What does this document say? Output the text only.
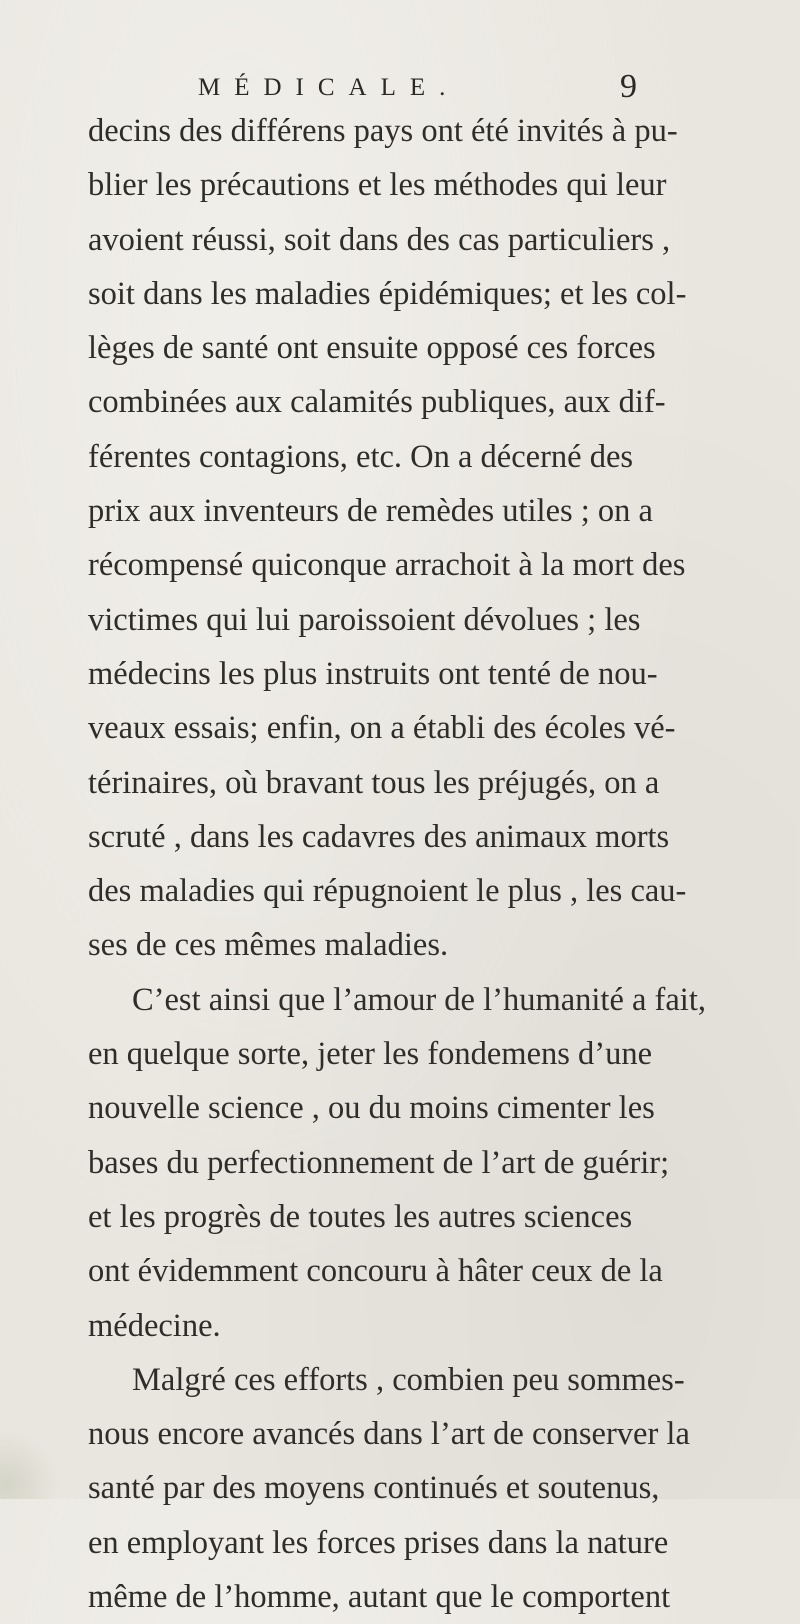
MÉDICALE.	9
decins des différens pays ont été invités à pu-
blier les précautions et les méthodes qui leur
avoient réussi, soit dans des cas particuliers ,
soit dans les maladies épidémiques; et les col-
lèges de santé ont ensuite opposé ces forces
combinées aux calamités publiques, aux dif-
férentes contagions, etc. On a décerné des
prix aux inventeurs de remèdes utiles ; on a
récompensé quiconque arrachoit à la mort des
victimes qui lui paroissoient dévolues ; les
médecins les plus instruits ont tenté de nou-
veaux essais; enfin, on a établi des écoles vé-
térinaires, où bravant tous les préjugés, on a
scruté , dans les cadavres des animaux morts
des maladies qui répugnoient le plus , les cau-
ses de ces mêmes maladies.
C’est ainsi que l’amour de l’humanité a fait,
en quelque sorte, jeter les fondemens d’une
nouvelle science , ou du moins cimenter les
bases du perfectionnement de l’art de guérir;
et les progrès de toutes les autres sciences
ont évidemment concouru à hâter ceux de la
médecine.
Malgré ces efforts , combien peu sommes-
nous encore avancés dans l’art de conserver la
santé par des moyens continués et soutenus,
en employant les forces prises dans la nature
même de l’homme, autant que le comportent
